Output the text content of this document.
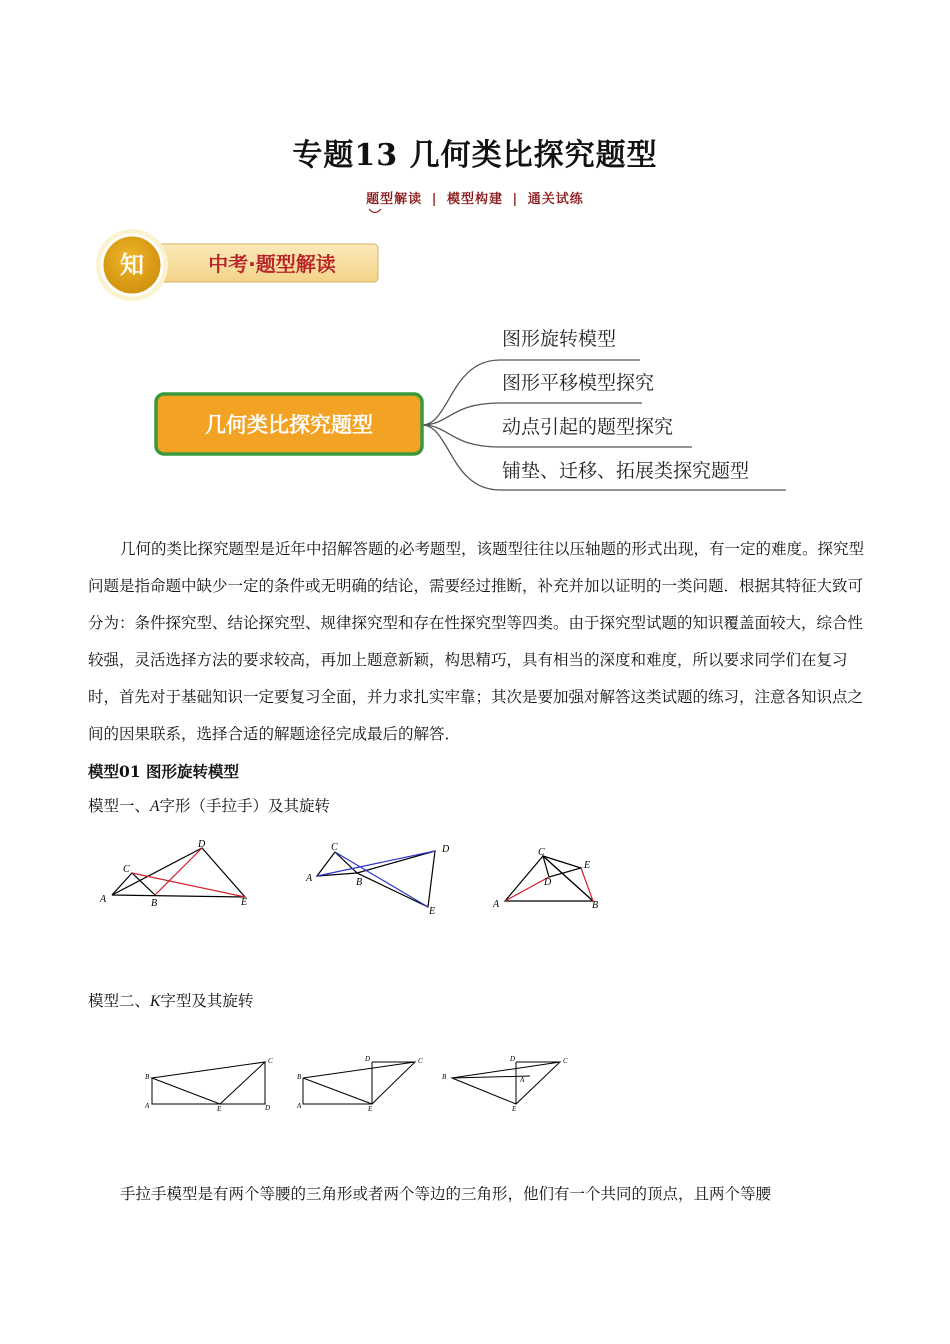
专题13 几何类比探究题型
题型解读 | 模型构建 | 通关试练
知	中考·题型解读
几何类比探究题型
图形旋转模型
图形平移模型探究
动点引起的题型探究
铺垫、迁移、拓展类探究题型

几何的类比探究题型是近年中招解答题的必考题型，该题型往往以压轴题的形式出现，有一定的难度。探究型问题是指命题中缺少一定的条件或无明确的结论，需要经过推断，补充并加以证明的一类问题．根据其特征大致可分为：条件探究型、结论探究型、规律探究型和存在性探究型等四类。由于探究型试题的知识覆盖面较大，综合性较强，灵活选择方法的要求较高，再加上题意新颖，构思精巧，具有相当的深度和难度，所以要求同学们在复习时，首先对于基础知识一定要复习全面，并力求扎实牢靠；其次是要加强对解答这类试题的练习，注意各知识点之间的因果联系，选择合适的解题途径完成最后的解答．

模型01 图形旋转模型
模型一、A字形（手拉手）及其旋转
A	B
C
D
E
A	B
C	D
E
A	B
C
D
E
模型二、K字型及其旋转
A
B
C
D
E	A
B
C
D
E
A
B
C
D
E

手拉手模型是有两个等腰的三角形或者两个等边的三角形，他们有一个共同的顶点，且两个等腰
